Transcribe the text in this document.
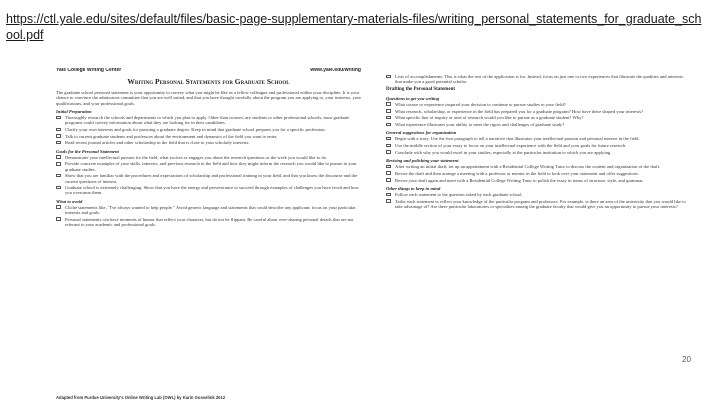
https://ctl.yale.edu/sites/default/files/basic-page-supplementary-materials-files/writing_personal_statements_for_graduate_school.pdf
Yale College Writing Center	www.yale.edu/writing
Writing Personal Statements for Graduate School

The graduate school personal statement is your opportunity to convey what you might be like as a fellow colleague and professional within your discipline. It is your chance to convince the admissions committee that you are well suited, and that you have thought carefully about the program you are applying to, your interests, your qualifications, and your professional goals.

Initial Preparation
Thoroughly research the schools and departments to which you plan to apply. Other than courses, are students or other professional schools, most graduate programs could convey information about what they are looking for in their candidates.
Clarify your own interests and goals for pursuing a graduate degree. Keep in mind that graduate school prepares you for a specific profession.
Talk to current graduate students and professors about the environment and dynamics of the field you want to enter.
Read recent journal articles and other scholarship in the field that is close to your scholarly interests.
Goals for the Personal Statement
Demonstrate your intellectual passion for the field, what excites or engages you about the research questions or the work you would like to do.
Provide concrete examples of your skills, interests, and previous research in the field and how they might inform the research you would like to pursue in your graduate studies.
Show that you are familiar with the procedures and expectations of scholarship and professional training in your field, and that you know the discourse and the current questions of interest.
Graduate school is extremely challenging. Show that you have the energy and perseverance to succeed through examples of challenges you have faced and how you overcame them.
What to avoid
Cliche statements like, "I've always wanted to help people." Avoid generic language and statements that could describe any applicant; focus on your particular interests and goals.
Personal statements can have moments of humor that reflect your character, but do not be flippant. Be careful about over-sharing personal details that are not relevant to your academic and professional goals.
Adapted from Purdue University's Online Writing Lab (OWL) by Karin Gosselink 2012
Lists of accomplishments: This is what the rest of the application is for. Instead, focus on just one or two experiences that illustrate the qualities and interests that make you a good potential scholar.
Drafting the Personal Statement
Questions to get you writing
What course or experience inspired your decision to continue to pursue studies in your field?
What research, scholarship, or experience in the field has prepared you for a graduate program? How have these shaped your interests?
What specific line of inquiry or area of research would you like to pursue as a graduate student? Why?
What experience illustrates your ability to meet the rigors and challenges of graduate study?
General suggestions for organization
Begin with a story. Use the first paragraph to tell a narrative that illustrates your intellectual passion and personal interest in the field.
Use the middle section of your essay to focus on your intellectual experience with the field and your goals for future research.
Conclude with why you would excel in your studies, especially at the particular institution to which you are applying.
Revising and polishing your statement
After writing an initial draft, set up an appointment with a Residential College Writing Tutor to discuss the content and organization of the draft.
Revise the draft and then arrange a meeting with a professor or mentor in the field to look over your statement and offer suggestions.
Revise your draft again and meet with a Residential College Writing Tutor to polish the essay in terms of structure, style, and grammar.
Other things to keep in mind
Follow each statement to the question asked by each graduate school.
Tailor each statement to reflect your knowledge of the particular program and professors. For example, is there an area of the university that you would like to take advantage of? Are there particular laboratories or specialties among the graduate faculty that would give you an opportunity to pursue your interests?
20
